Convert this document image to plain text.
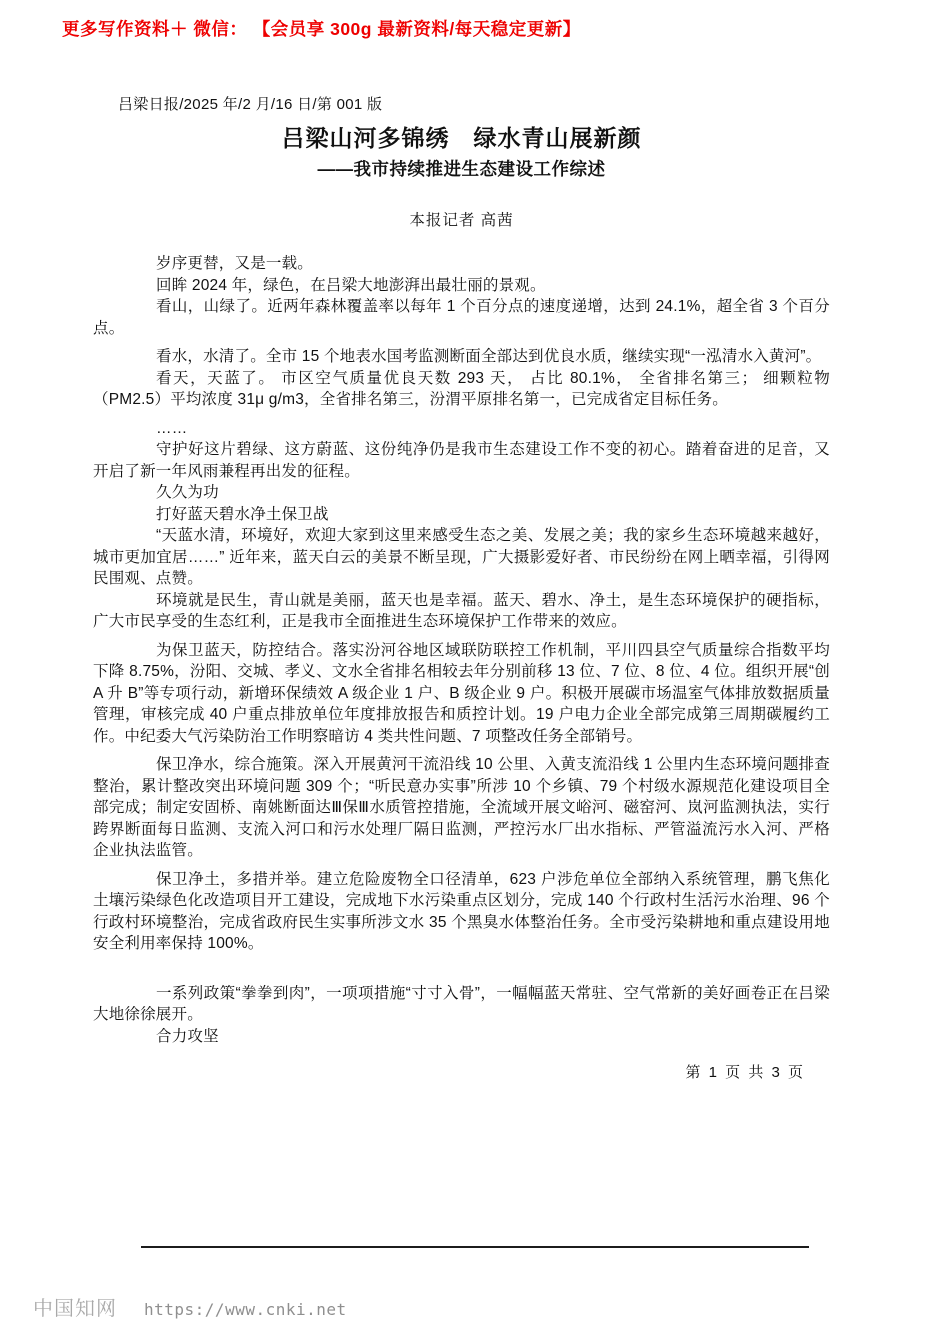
更多写作资料＋ 微信： 【会员享 300g 最新资料/每天稳定更新】
吕梁日报/2025 年/2 月/16 日/第 001 版
吕梁山河多锦绣　绿水青山展新颜
——我市持续推进生态建设工作综述
本报记者 高茜

岁序更替，又是一载。

回眸 2024 年，绿色，在吕梁大地澎湃出最壮丽的景观。

看山，山绿了。近两年森林覆盖率以每年 1 个百分点的速度递增，达到 24.1%，超全省 3 个百分点。

看水，水清了。全市 15 个地表水国考监测断面全部达到优良水质，继续实现“一泓清水入黄河”。

看天，天蓝了。 市区空气质量优良天数 293 天， 占比 80.1%， 全省排名第三； 细颗粒物（PM2.5）平均浓度 31μ g/m3，全省排名第三，汾渭平原排名第一，已完成省定目标任务。

……

守护好这片碧绿、这方蔚蓝、这份纯净仍是我市生态建设工作不变的初心。踏着奋进的足音，又开启了新一年风雨兼程再出发的征程。

久久为功

打好蓝天碧水净土保卫战

“天蓝水清，环境好，欢迎大家到这里来感受生态之美、发展之美；我的家乡生态环境越来越好，城市更加宜居……” 近年来，蓝天白云的美景不断呈现，广大摄影爱好者、市民纷纷在网上晒幸福，引得网民围观、点赞。

环境就是民生，青山就是美丽，蓝天也是幸福。蓝天、碧水、净土，是生态环境保护的硬指标，广大市民享受的生态红利，正是我市全面推进生态环境保护工作带来的效应。

为保卫蓝天，防控结合。落实汾河谷地区域联防联控工作机制，平川四县空气质量综合指数平均下降 8.75%，汾阳、交城、孝义、文水全省排名相较去年分别前移 13 位、7 位、8 位、4 位。组织开展“创 A 升 B”等专项行动，新增环保绩效 A 级企业 1 户、B 级企业 9 户。积极开展碳市场温室气体排放数据质量管理，审核完成 40 户重点排放单位年度排放报告和质控计划。19 户电力企业全部完成第三周期碳履约工作。中纪委大气污染防治工作明察暗访 4 类共性问题、7 项整改任务全部销号。

保卫净水，综合施策。深入开展黄河干流沿线 10 公里、入黄支流沿线 1 公里内生态环境问题排查整治，累计整改突出环境问题 309 个；“听民意办实事”所涉 10 个乡镇、79 个村级水源规范化建设项目全部完成；制定安固桥、南姚断面达Ⅲ保Ⅲ水质管控措施，全流域开展文峪河、磁窑河、岚河监测执法，实行跨界断面每日监测、支流入河口和污水处理厂隔日监测，严控污水厂出水指标、严管溢流污水入河、严格企业执法监管。

保卫净土，多措并举。建立危险废物全口径清单，623 户涉危单位全部纳入系统管理，鹏飞焦化土壤污染绿色化改造项目开工建设，完成地下水污染重点区划分，完成 140 个行政村生活污水治理、96 个行政村环境整治，完成省政府民生实事所涉文水 35 个黑臭水体整治任务。全市受污染耕地和重点建设用地安全利用率保持 100%。

一系列政策“拳拳到肉”，一项项措施“寸寸入骨”，一幅幅蓝天常驻、空气常新的美好画卷正在吕梁大地徐徐展开。

合力攻坚

第 1 页 共 3 页
中国知网 https://www.cnki.net
